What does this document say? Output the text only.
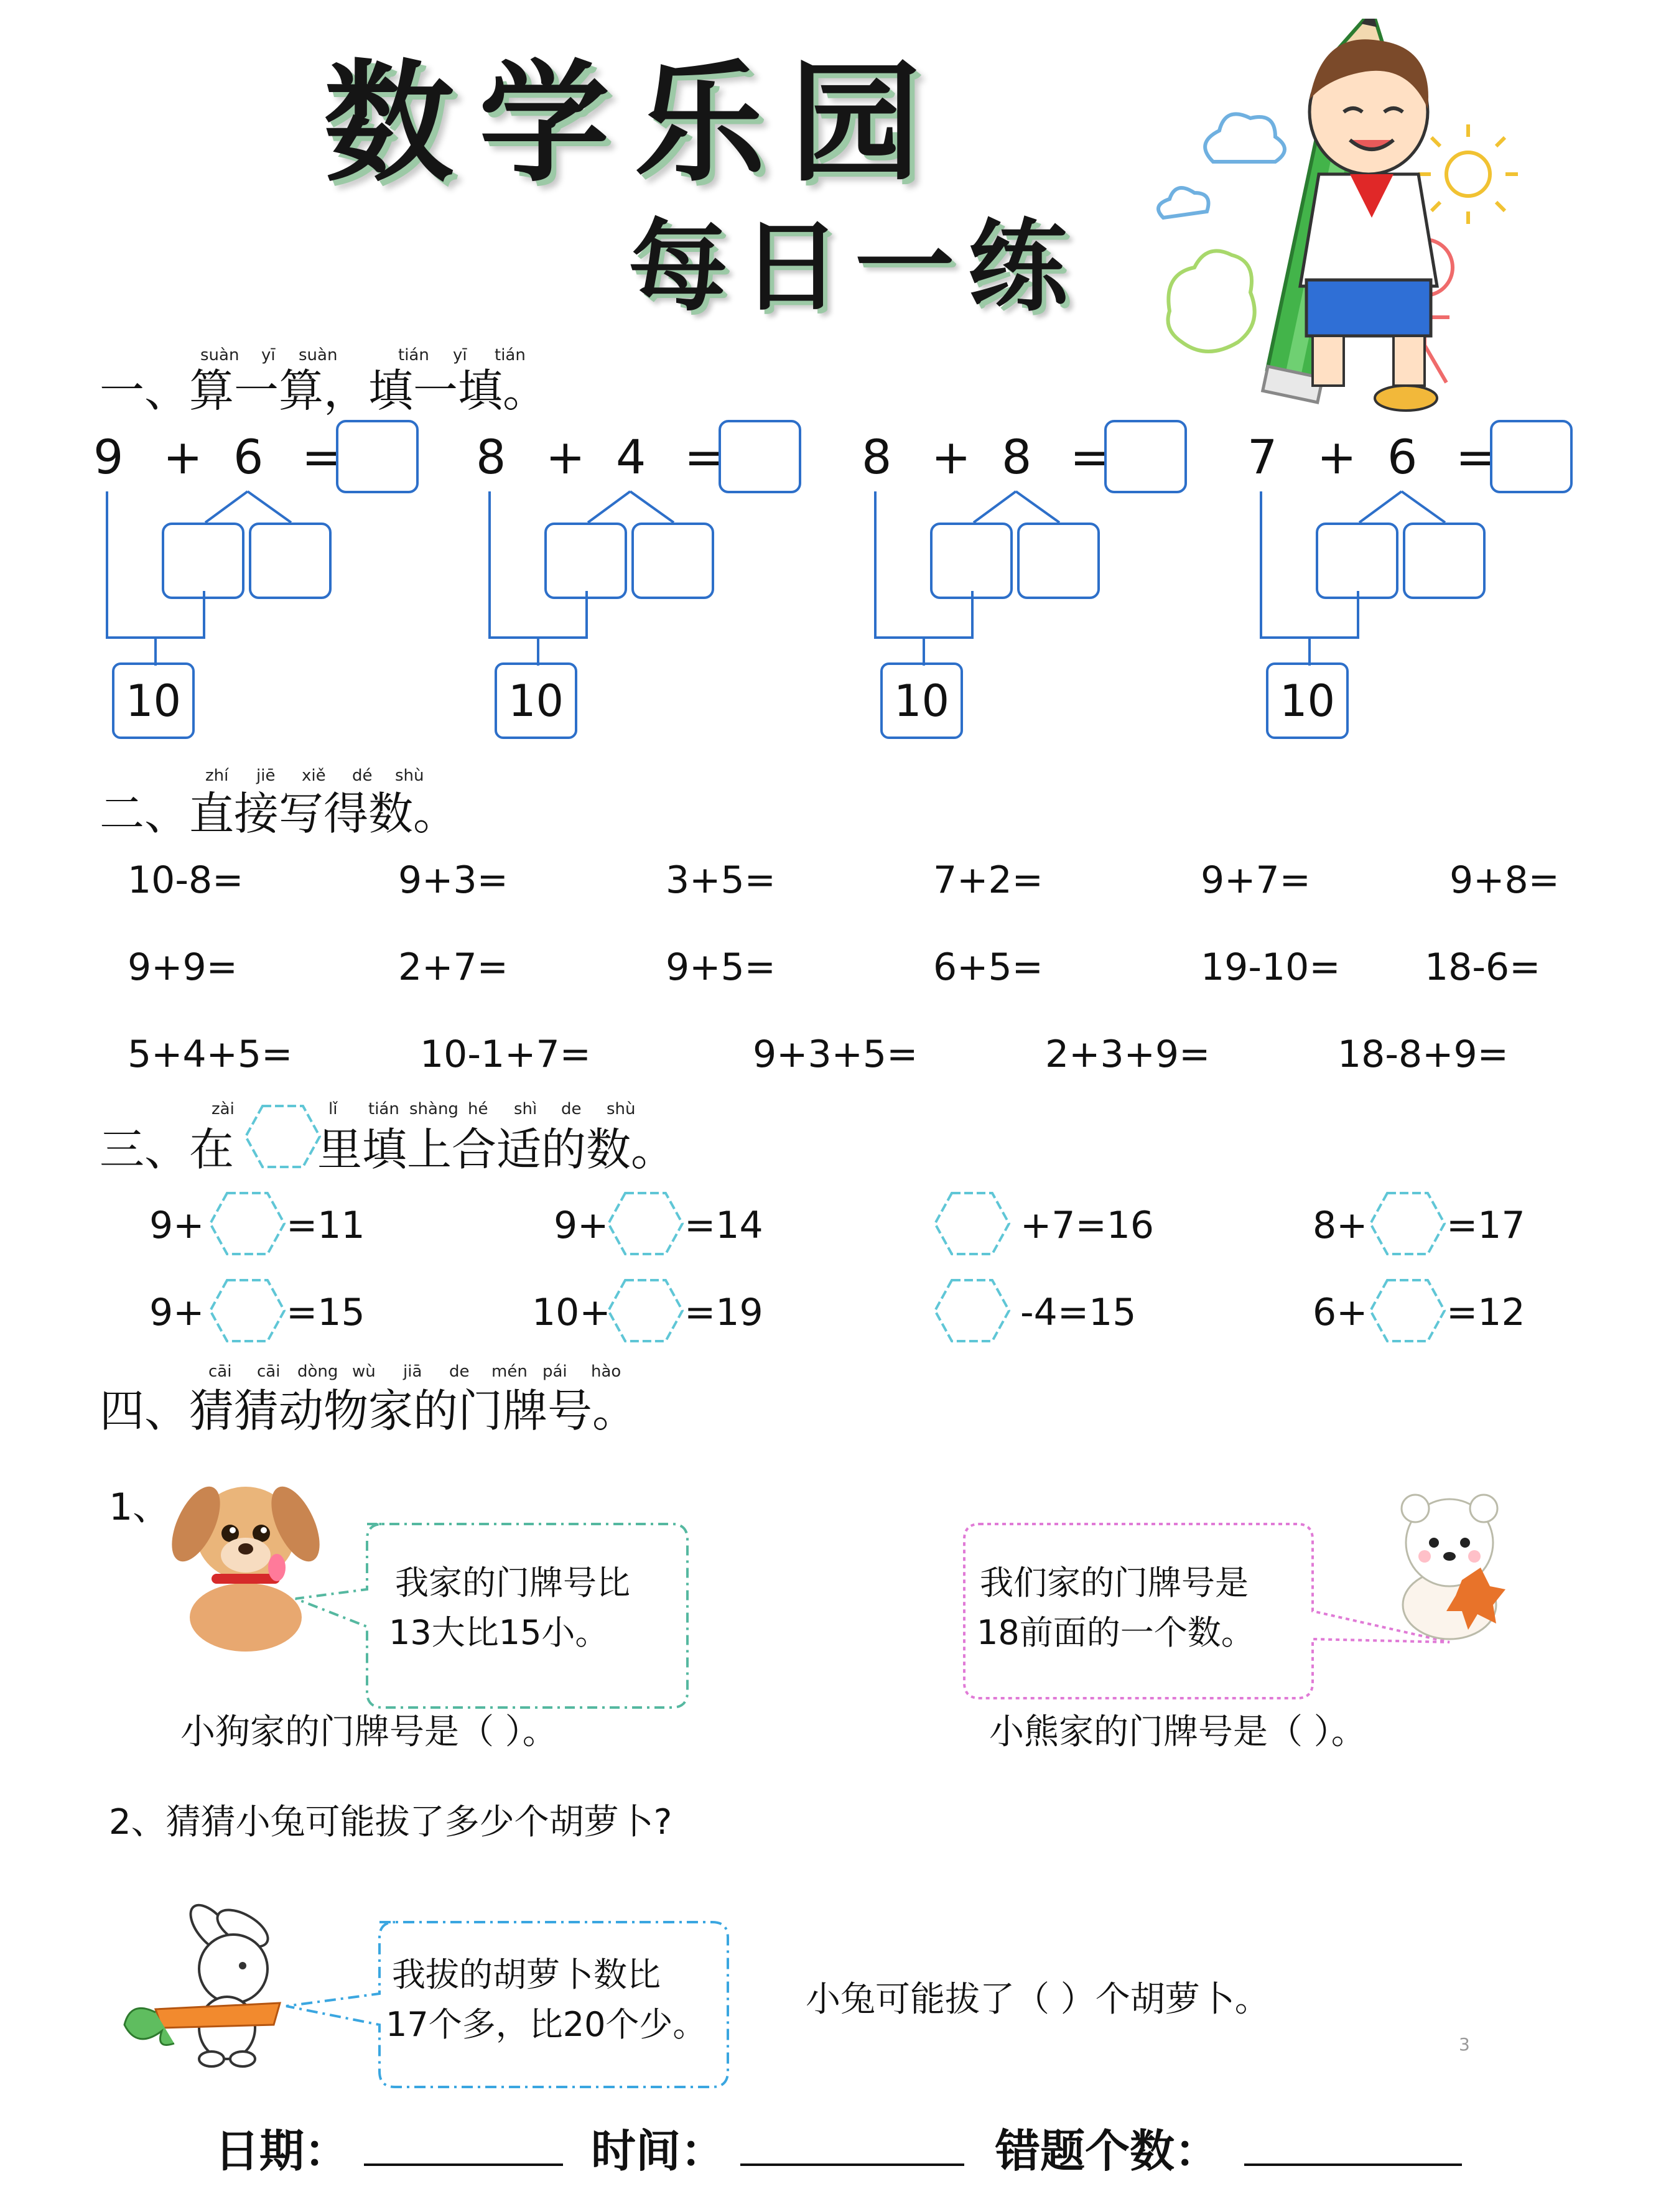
数学乐园
每日一练
一、算一算，填一填。
suàn yī suàn	tián yī tián
9 + 6 =
10
8 + 4 =
10
8 + 8 =
10
7 + 6 =
10
二、直接写得数。
zhí jiē xiě dé shù
10-8=	9+3=	3+5=	7+2=	9+7=	9+8=
9+9=	2+7=	9+5=	6+5=	19-10= 18-6=
5+4+5=	10-1+7=	9+3+5=	2+3+9=	18-8+9=
三、在 里填上合适的数。
zài	lǐ tián shàng hé shì de shù
9+ =11	9+ =14	+7=16	8+ =17
9+ =15	10+ =19	-4=15	6+ =12
四、猜猜动物家的门牌号。
cāi cāi dòng wù jiā de mén pái hào
1、
我家的门牌号比
13大比15小。
我们家的门牌号是
18前面的一个数。
小狗家的门牌号是（ ）。	小熊家的门牌号是（ ）。
2、猜猜小兔可能拔了多少个胡萝卜?
我拔的胡萝卜数比
17个多，比20个少。
小兔可能拔了（ ）个胡萝卜。
3
日期：	时间：	错题个数：
